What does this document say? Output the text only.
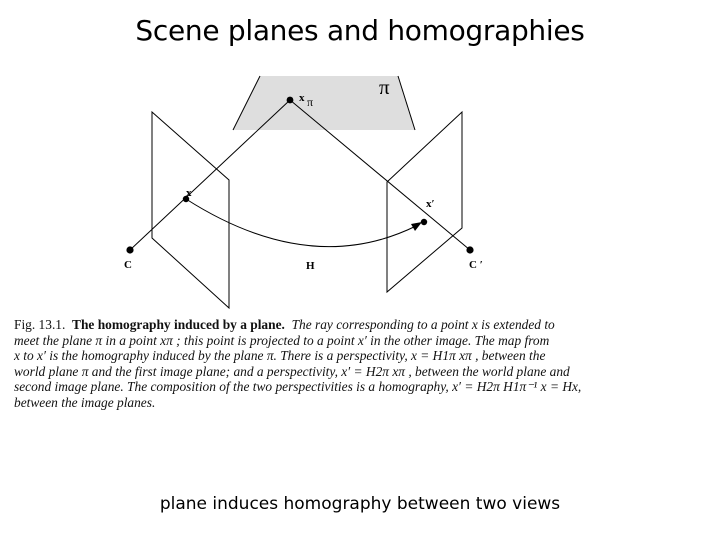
Scene planes and homographies
π
x π
x
x′
C	C ′
H
Fig. 13.1. The homography induced by a plane. The ray corresponding to a point x is extended to
meet the plane π in a point xπ ; this point is projected to a point x′ in the other image. The map from
x to x′ is the homography induced by the plane π. There is a perspectivity, x = H1π xπ , between the
world plane π and the first image plane; and a perspectivity, x′ = H2π xπ , between the world plane and
second image plane. The composition of the two perspectivities is a homography, x′ = H2π H1π⁻¹ x = Hx,
between the image planes.
plane induces homography between two views
